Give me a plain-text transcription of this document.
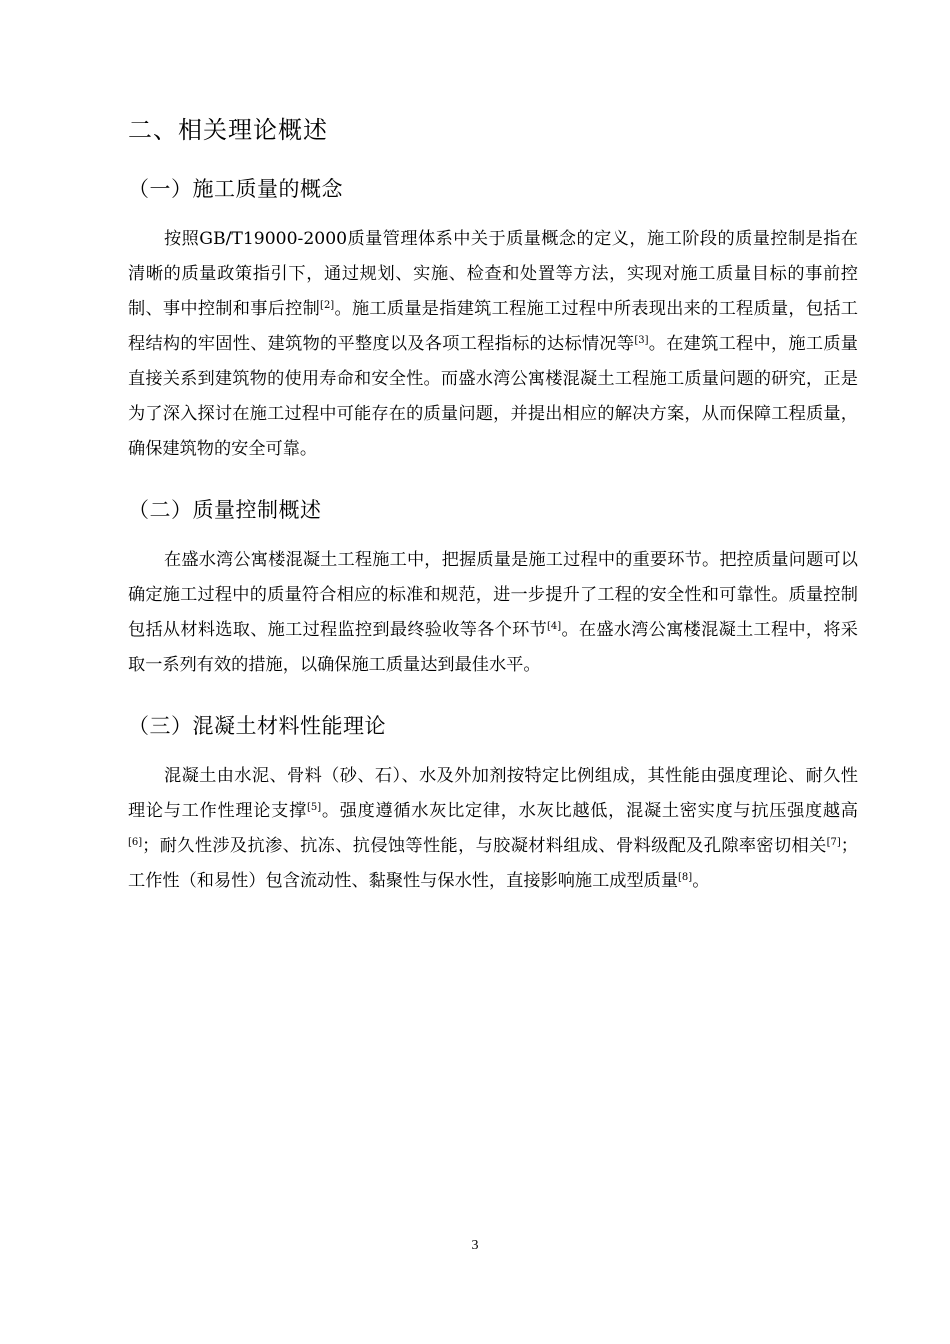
二、相关理论概述
（一）施工质量的概念

按照GB/T19000-2000质量管理体系中关于质量概念的定义，施工阶段的质量控制是指在清晰的质量政策指引下，通过规划、实施、检查和处置等方法，实现对施工质量目标的事前控制、事中控制和事后控制[2]。施工质量是指建筑工程施工过程中所表现出来的工程质量，包括工程结构的牢固性、建筑物的平整度以及各项工程指标的达标情况等[3]。在建筑工程中，施工质量直接关系到建筑物的使用寿命和安全性。而盛水湾公寓楼混凝土工程施工质量问题的研究，正是为了深入探讨在施工过程中可能存在的质量问题，并提出相应的解决方案，从而保障工程质量，确保建筑物的安全可靠。

（二）质量控制概述

在盛水湾公寓楼混凝土工程施工中，把握质量是施工过程中的重要环节。把控质量问题可以确定施工过程中的质量符合相应的标准和规范，进一步提升了工程的安全性和可靠性。质量控制包括从材料选取、施工过程监控到最终验收等各个环节[4]。在盛水湾公寓楼混凝土工程中，将采取一系列有效的措施，以确保施工质量达到最佳水平。

（三）混凝土材料性能理论

混凝土由水泥、骨料（砂、石）、水及外加剂按特定比例组成，其性能由强度理论、耐久性理论与工作性理论支撑[5]。强度遵循水灰比定律，水灰比越低，混凝土密实度与抗压强度越高[6]；耐久性涉及抗渗、抗冻、抗侵蚀等性能，与胶凝材料组成、骨料级配及孔隙率密切相关[7]；工作性（和易性）包含流动性、黏聚性与保水性，直接影响施工成型质量[8]。

3
